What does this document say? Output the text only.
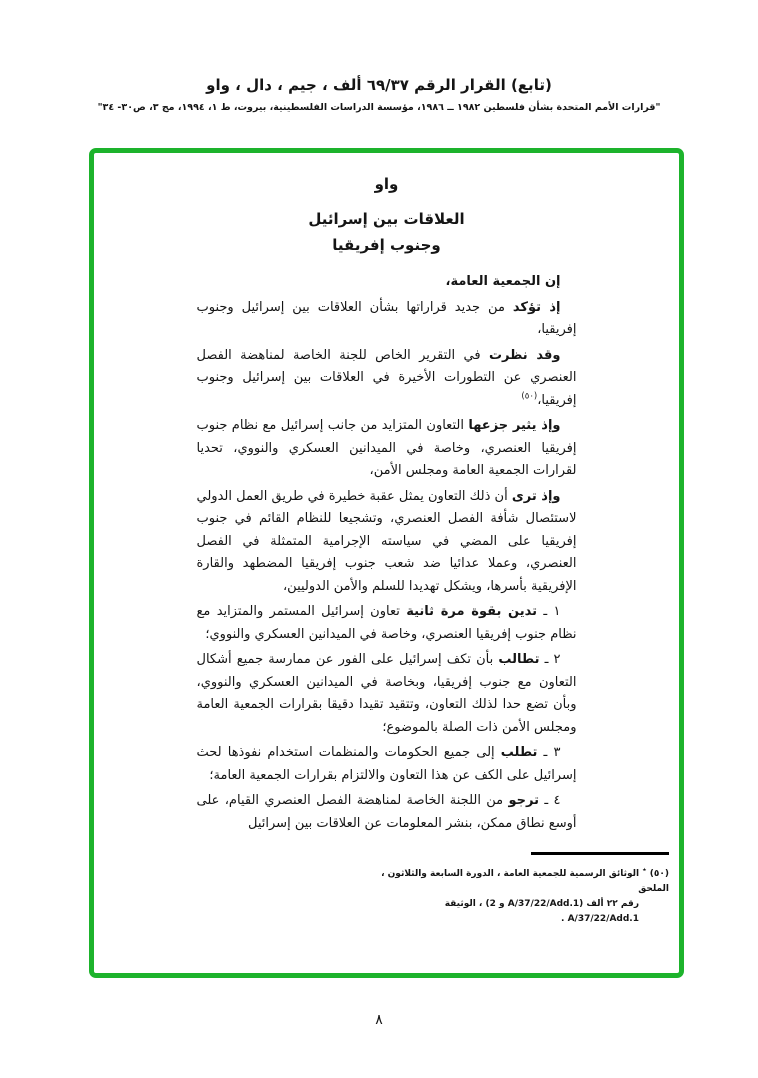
(تابع) القرار الرقم ٦٩/٣٧ ألف ، جيم ، دال ، واو
"قرارات الأمم المتحدة بشأن فلسطين ١٩٨٢ ــ ١٩٨٦، مؤسسة الدراسات الفلسطينية، بيروت، ط ١، ١٩٩٤، مج ٣، ص٣٠- ٣٤"
واو
العلاقات بين إسرائيل
وجنوب إفريقيا

إن الجمعية العامة،

إذ تؤكد من جديد قراراتها بشأن العلاقات بين إسرائيل وجنوب إفريقيا،

وقد نظرت في التقرير الخاص للجنة الخاصة لمناهضة الفصل العنصري عن التطورات الأخيرة في العلاقات بين إسرائيل وجنوب إفريقيا،$^{(٥٠)}$

وإذ يثير جزعها التعاون المتزايد من جانب إسرائيل مع نظام جنوب إفريقيا العنصري، وخاصة في الميدانين العسكري والنووي، تحديا لقرارات الجمعية العامة ومجلس الأمن،

وإذ ترى أن ذلك التعاون يمثل عقبة خطيرة في طريق العمل الدولي لاستئصال شأفة الفصل العنصري، وتشجيعا للنظام القائم في جنوب إفريقيا على المضي في سياسته الإجرامية المتمثلة في الفصل العنصري، وعملا عدائيا ضد شعب جنوب إفريقيا المضطهد والقارة الإفريقية بأسرها، ويشكل تهديدا للسلم والأمن الدوليين،

١ ـ تدين بقوة مرة ثانية تعاون إسرائيل المستمر والمتزايد مع نظام جنوب إفريقيا العنصري، وخاصة في الميدانين العسكري والنووي؛

٢ ـ تطالب بأن تكف إسرائيل على الفور عن ممارسة جميع أشكال التعاون مع جنوب إفريقيا، وبخاصة في الميدانين العسكري والنووي، وبأن تضع حدا لذلك التعاون، وتتقيد تقيدا دقيقا بقرارات الجمعية العامة ومجلس الأمن ذات الصلة بالموضوع؛

٣ ـ تطلب إلى جميع الحكومات والمنظمات استخدام نفوذها لحث إسرائيل على الكف عن هذا التعاون والالتزام بقرارات الجمعية العامة؛

٤ ـ ترجو من اللجنة الخاصة لمناهضة الفصل العنصري القيام، على أوسع نطاق ممكن، بنشر المعلومات عن العلاقات بين إسرائيل

(٥٠) ٭ الوثائق الرسمية للجمعية العامة ، الدورة السابعة والثلاثون ، الملحق
رقم ٢٢ ألف (A/37/22/Add.1 و 2) ، الوثيقة A/37/22/Add.1 .
٨
